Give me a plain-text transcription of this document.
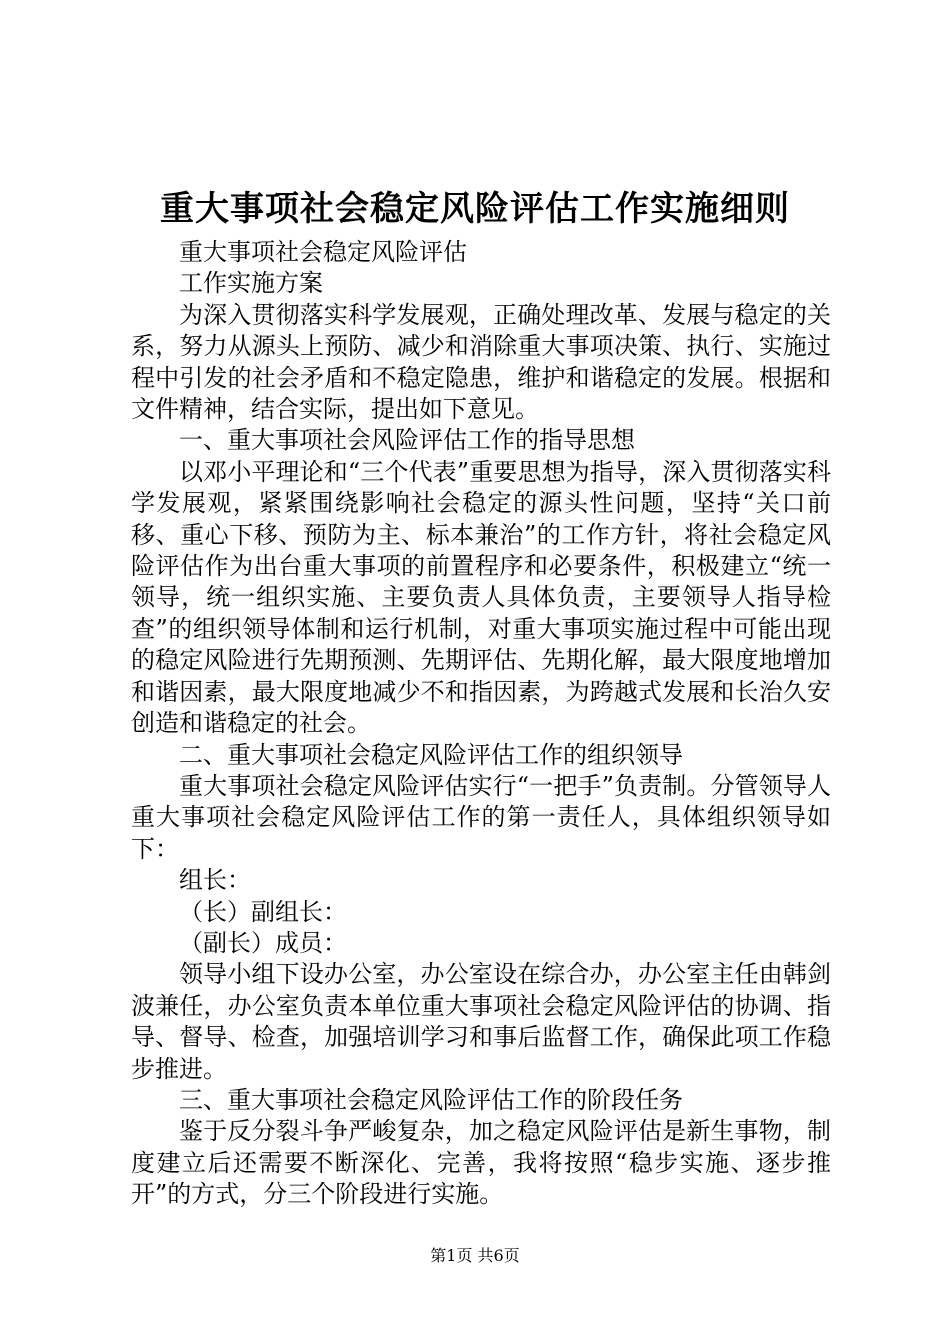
重大事项社会稳定风险评估工作实施细则

重大事项社会稳定风险评估

工作实施方案

为深入贯彻落实科学发展观，正确处理改革、发展与稳定的关系，努力从源头上预防、减少和消除重大事项决策、执行、实施过程中引发的社会矛盾和不稳定隐患，维护和谐稳定的发展。根据和文件精神，结合实际，提出如下意见。

一、重大事项社会风险评估工作的指导思想

以邓小平理论和“三个代表”重要思想为指导，深入贯彻落实科学发展观，紧紧围绕影响社会稳定的源头性问题，坚持“关口前移、重心下移、预防为主、标本兼治”的工作方针，将社会稳定风险评估作为出台重大事项的前置程序和必要条件，积极建立“统一领导，统一组织实施、主要负责人具体负责，主要领导人指导检查”的组织领导体制和运行机制，对重大事项实施过程中可能出现的稳定风险进行先期预测、先期评估、先期化解，最大限度地增加和谐因素，最大限度地减少不和指因素，为跨越式发展和长治久安创造和谐稳定的社会。

二、重大事项社会稳定风险评估工作的组织领导

重大事项社会稳定风险评估实行“一把手”负责制。分管领导人重大事项社会稳定风险评估工作的第一责任人，具体组织领导如下：

组长：

（长）副组长：

（副长）成员：

领导小组下设办公室，办公室设在综合办，办公室主任由韩剑波兼任，办公室负责本单位重大事项社会稳定风险评估的协调、指导、督导、检查，加强培训学习和事后监督工作，确保此项工作稳步推进。

三、重大事项社会稳定风险评估工作的阶段任务

鉴于反分裂斗争严峻复杂，加之稳定风险评估是新生事物，制度建立后还需要不断深化、完善，我将按照“稳步实施、逐步推开”的方式，分三个阶段进行实施。

第1页 共6页
